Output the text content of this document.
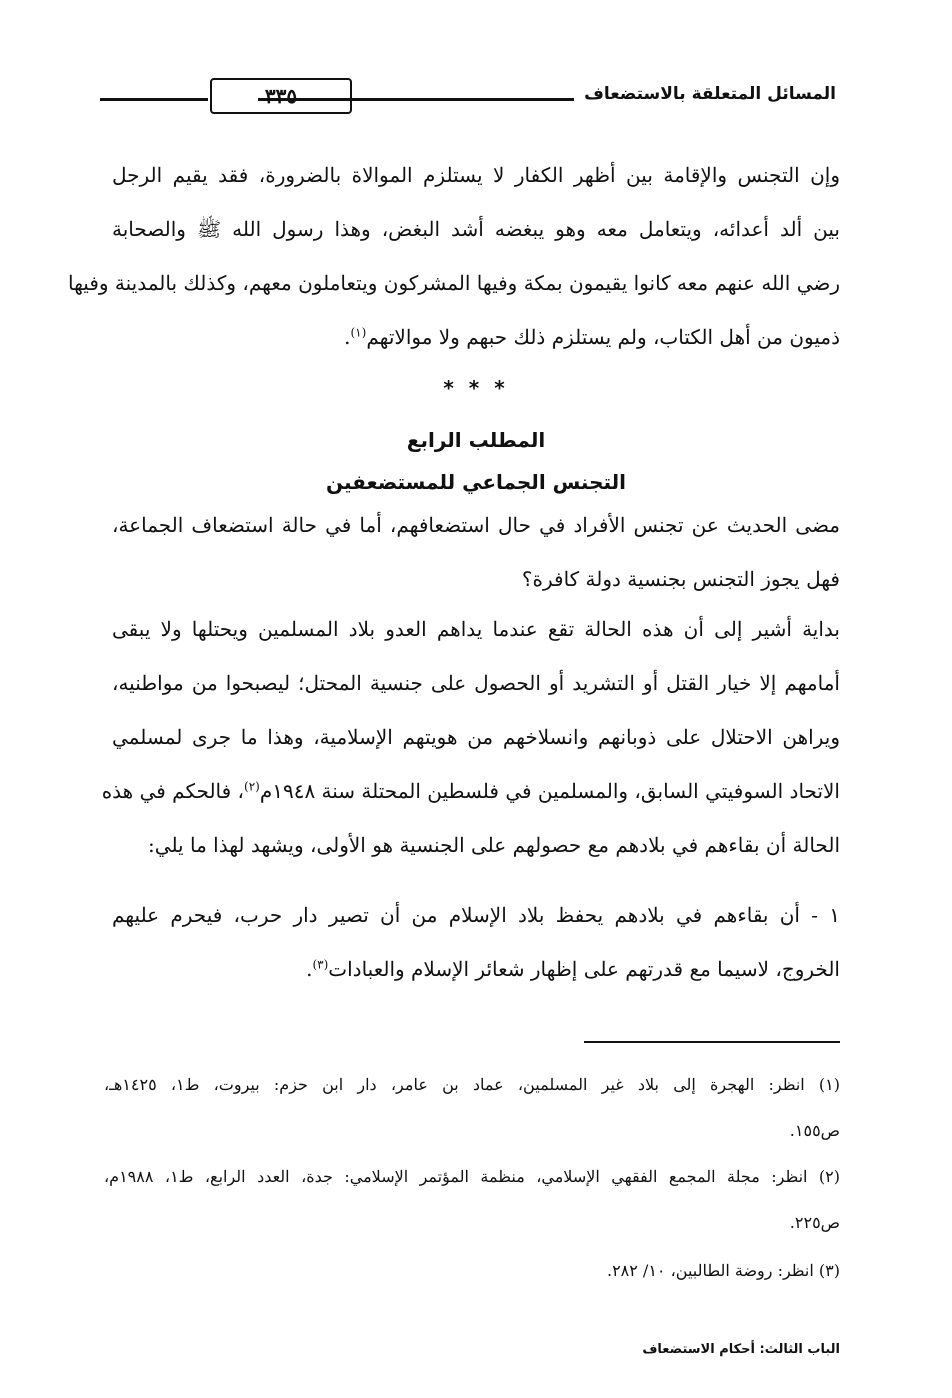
المسائل المتعلقة بالاستضعاف
٣٣٥

وإن التجنس والإقامة بين أظهر الكفار لا يستلزم الموالاة بالضرورة، فقد يقيم الرجل
بين ألد أعدائه، ويتعامل معه وهو يبغضه أشد البغض، وهذا رسول الله ﷺ والصحابة
رضي الله عنهم معه كانوا يقيمون بمكة وفيها المشركون ويتعاملون معهم، وكذلك بالمدينة وفيها
ذميون من أهل الكتاب، ولم يستلزم ذلك حبهم ولا موالاتهم$^{(١)}$.

* * *
المطلب الرابع
التجنس الجماعي للمستضعفين

مضى الحديث عن تجنس الأفراد في حال استضعافهم، أما في حالة استضعاف الجماعة،
فهل يجوز التجنس بجنسية دولة كافرة؟

بداية أشير إلى أن هذه الحالة تقع عندما يداهم العدو بلاد المسلمين ويحتلها ولا يبقى
أمامهم إلا خيار القتل أو التشريد أو الحصول على جنسية المحتل؛ ليصبحوا من مواطنيه،
ويراهن الاحتلال على ذوبانهم وانسلاخهم من هويتهم الإسلامية، وهذا ما جرى لمسلمي
الاتحاد السوفيتي السابق، والمسلمين في فلسطين المحتلة سنة ١٩٤٨م$^{(٢)}$، فالحكم في هذه
الحالة أن بقاءهم في بلادهم مع حصولهم على الجنسية هو الأولى، ويشهد لهذا ما يلي:

١ - أن بقاءهم في بلادهم يحفظ بلاد الإسلام من أن تصير دار حرب، فيحرم عليهم
الخروج، لاسيما مع قدرتهم على إظهار شعائر الإسلام والعبادات$^{(٣)}$.

(١) انظر: الهجرة إلى بلاد غير المسلمين، عماد بن عامر، دار ابن حزم: بيروت، ط١، ١٤٢٥هـ،
ص١٥٥.

(٢) انظر: مجلة المجمع الفقهي الإسلامي، منظمة المؤتمر الإسلامي: جدة، العدد الرابع، ط١، ١٩٨٨م،
ص٢٢٥.

(٣) انظر: روضة الطالبين، ١٠/ ٢٨٢.

الباب الثالث: أحكام الاستضعاف
